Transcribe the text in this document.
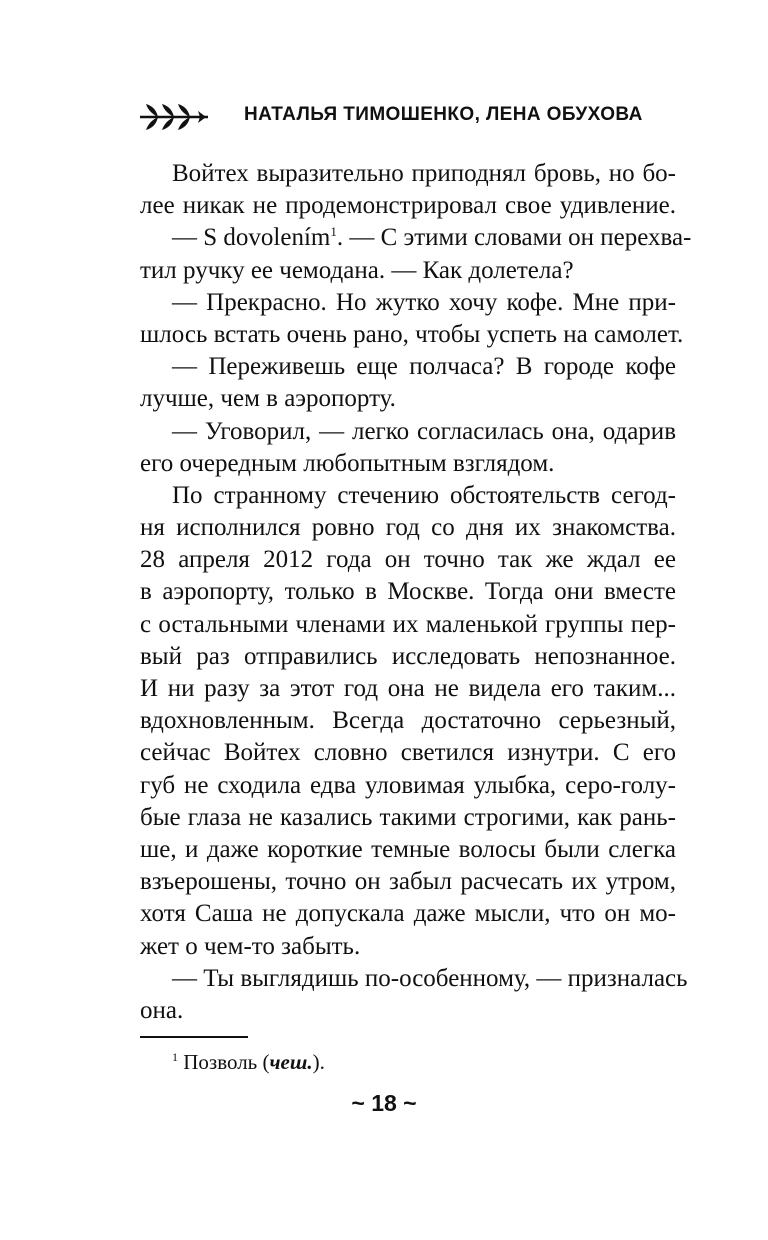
НАТАЛЬЯ ТИМОШЕНКО, ЛЕНА ОБУХОВА
Войтех выразительно приподнял бровь, но бо-
лее никак не продемонстрировал свое удивление.
— S dovolením$^1$. — С этими словами он перехва-
тил ручку ее чемодана. — Как долетела?
— Прекрасно. Но жутко хочу кофе. Мне при-
шлось встать очень рано, чтобы успеть на самолет.
— Переживешь еще полчаса? В городе кофе
лучше, чем в аэропорту.
— Уговорил, — легко согласилась она, одарив
его очередным любопытным взглядом.
По странному стечению обстоятельств сегод-
ня исполнился ровно год со дня их знакомства.
28 апреля 2012 года он точно так же ждал ее
в аэропорту, только в Москве. Тогда они вместе
с остальными членами их маленькой группы пер-
вый раз отправились исследовать непознанное.
И ни разу за этот год она не видела его таким...
вдохновленным. Всегда достаточно серьезный,
сейчас Войтех словно светился изнутри. С его
губ не сходила едва уловимая улыбка, серо-голу-
бые глаза не казались такими строгими, как рань-
ше, и даже короткие темные волосы были слегка
взъерошены, точно он забыл расчесать их утром,
хотя Саша не допускала даже мысли, что он мо-
жет о чем-то забыть.
— Ты выглядишь по-особенному, — призналась
она.
$^1$ Позволь (чеш.).
~ 18 ~
